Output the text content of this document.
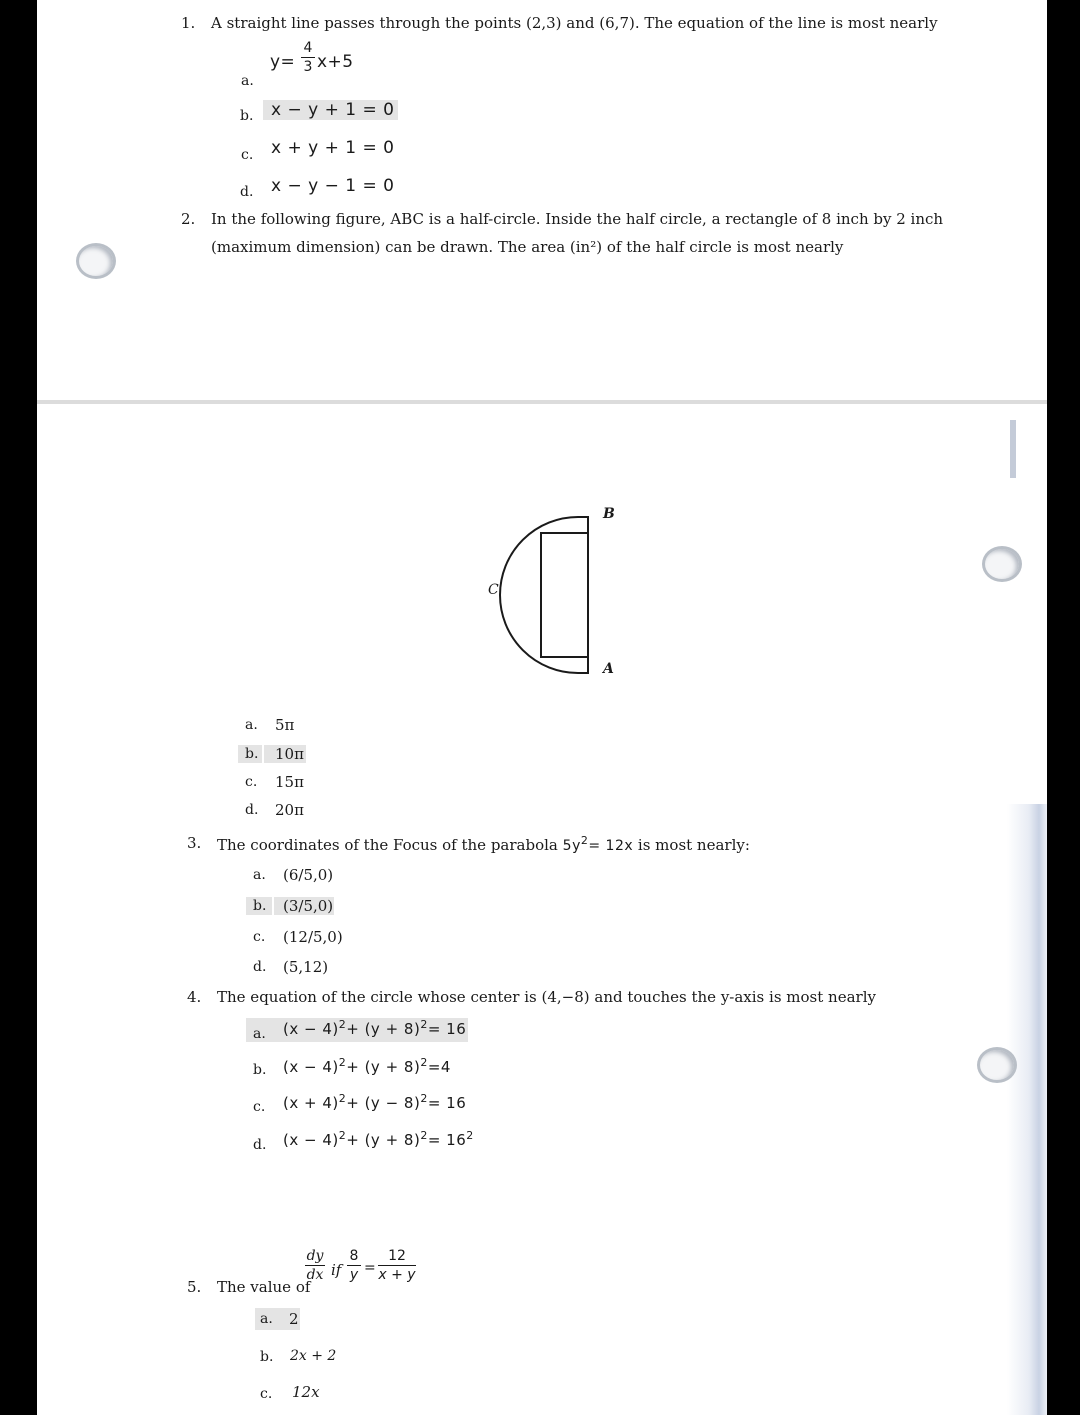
1. A straight line passes through the points (2,3) and (6,7). The equation of the line is most nearly
a.
y=
4
3 x+5
b.	x − y + 1 = 0
c. x + y + 1 = 0
d. x − y − 1 = 0
2. In the following figure, ABC is a half-circle. Inside the half circle, a rectangle of 8 inch by 2 inch
(maximum dimension) can be drawn. The area (in²) of the half circle is most nearly
B
C
A
a. 5π
b.	10π
c. 15π
d. 20π
3. The coordinates of the Focus of the parabola $5y^2= 12x$ is most nearly:
a. (6/5,0)
b.	(3/5,0)
c. (12/5,0)
d. (5,12)
4. The equation of the circle whose center is (4,−8) and touches the y-axis is most nearly
a. $(x - 4)^2+ (y + 8)^2= 16$
b. $(x - 4)^2+ (y + 8)^2=4$
c. $(x + 4)^2+ (y - 8)^2= 16$
d. $(x - 4)^2+ (y + 8)^2= 16^2$
5. The value of
dy
dx if
8
y =
12
x + y
a. 2
b. 2x + 2
c. 12x
